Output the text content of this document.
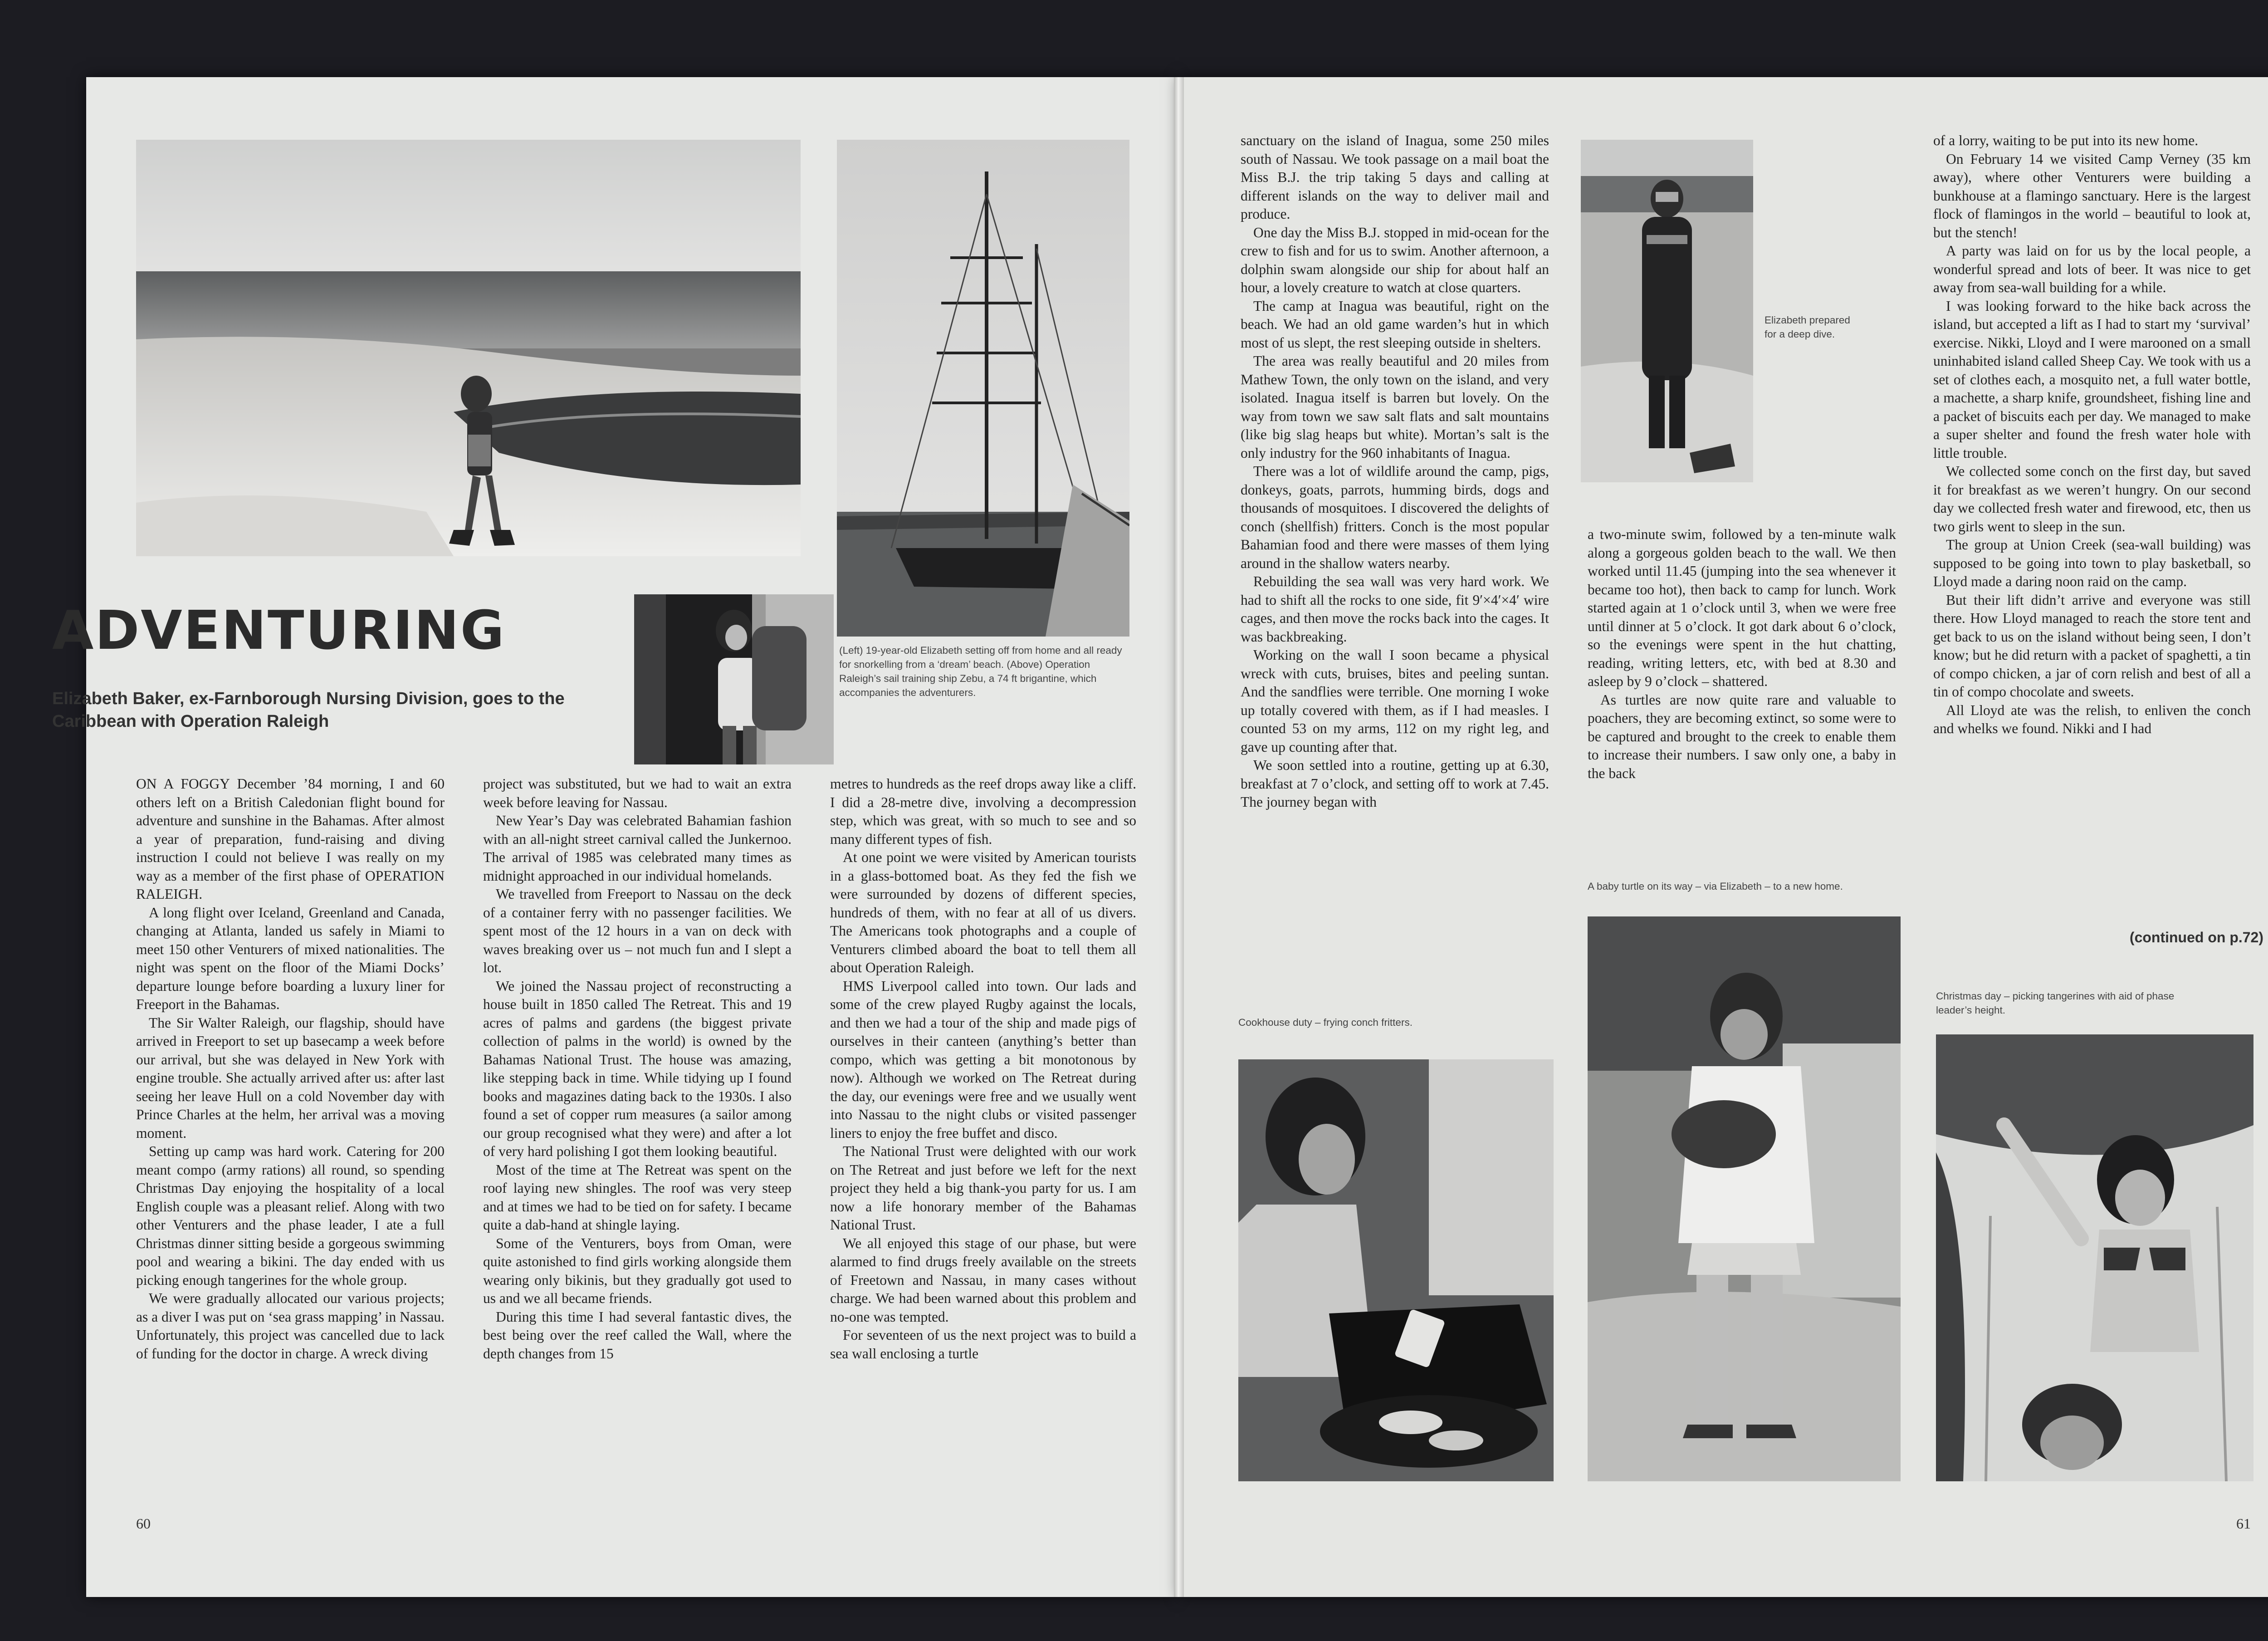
ADVENTURING
Elizabeth Baker, ex-Farnborough Nursing Division, goes to the Caribbean with Operation Raleigh
(Left) 19-year-old Elizabeth setting off from home and all ready for snorkelling from a ‘dream’ beach. (Above) Operation Raleigh’s sail training ship Zebu, a 74 ft brigantine, which accompanies the adventurers.
Elizabeth prepared for a deep dive.
A baby turtle on its way – via Elizabeth – to a new home.
Cookhouse duty – frying conch fritters.
Christmas day – picking tangerines with aid of phase leader’s height.

ON A FOGGY December ’84 morning, I and 60 others left on a British Caledonian flight bound for adventure and sunshine in the Bahamas. After almost a year of preparation, fund-raising and diving instruction I could not believe I was really on my way as a member of the first phase of OPERATION RALEIGH.

A long flight over Iceland, Greenland and Canada, changing at Atlanta, landed us safely in Miami to meet 150 other Venturers of mixed nationalities. The night was spent on the floor of the Miami Docks’ departure lounge before boarding a luxury liner for Freeport in the Bahamas.

The Sir Walter Raleigh, our flagship, should have arrived in Freeport to set up basecamp a week before our arrival, but she was delayed in New York with engine trouble. She actually arrived after us: after last seeing her leave Hull on a cold November day with Prince Charles at the helm, her arrival was a moving moment.

Setting up camp was hard work. Catering for 200 meant compo (army rations) all round, so spending Christmas Day enjoying the hospitality of a local English couple was a pleasant relief. Along with two other Venturers and the phase leader, I ate a full Christmas dinner sitting beside a gorgeous swimming pool and wearing a bikini. The day ended with us picking enough tangerines for the whole group.

We were gradually allocated our various projects; as a diver I was put on ‘sea grass mapping’ in Nassau. Unfortunately, this project was cancelled due to lack of funding for the doctor in charge. A wreck diving

project was substituted, but we had to wait an extra week before leaving for Nassau.

New Year’s Day was celebrated Bahamian fashion with an all-night street carnival called the Junkernoo. The arrival of 1985 was celebrated many times as midnight approached in our individual homelands.

We travelled from Freeport to Nassau on the deck of a container ferry with no passenger facilities. We spent most of the 12 hours in a van on deck with waves breaking over us – not much fun and I slept a lot.

We joined the Nassau project of reconstructing a house built in 1850 called The Retreat. This and 19 acres of palms and gardens (the biggest private collection of palms in the world) is owned by the Bahamas National Trust. The house was amazing, like stepping back in time. While tidying up I found books and magazines dating back to the 1930s. I also found a set of copper rum measures (a sailor among our group recognised what they were) and after a lot of very hard polishing I got them looking beautiful.

Most of the time at The Retreat was spent on the roof laying new shingles. The roof was very steep and at times we had to be tied on for safety. I became quite a dab-hand at shingle laying.

Some of the Venturers, boys from Oman, were quite astonished to find girls working alongside them wearing only bikinis, but they gradually got used to us and we all became friends.

During this time I had several fantastic dives, the best being over the reef called the Wall, where the depth changes from 15

metres to hundreds as the reef drops away like a cliff. I did a 28-metre dive, involving a decompression step, which was great, with so much to see and so many different types of fish.

At one point we were visited by American tourists in a glass-bottomed boat. As they fed the fish we were surrounded by dozens of different species, hundreds of them, with no fear at all of us divers. The Americans took photographs and a couple of Venturers climbed aboard the boat to tell them all about Operation Raleigh.

HMS Liverpool called into town. Our lads and some of the crew played Rugby against the locals, and then we had a tour of the ship and made pigs of ourselves in their canteen (anything’s better than compo, which was getting a bit monotonous by now). Although we worked on The Retreat during the day, our evenings were free and we usually went into Nassau to the night clubs or visited passenger liners to enjoy the free buffet and disco.

The National Trust were delighted with our work on The Retreat and just before we left for the next project they held a big thank-you party for us. I am now a life honorary member of the Bahamas National Trust.

We all enjoyed this stage of our phase, but were alarmed to find drugs freely available on the streets of Freetown and Nassau, in many cases without charge. We had been warned about this problem and no-one was tempted.

For seventeen of us the next project was to build a sea wall enclosing a turtle

sanctuary on the island of Inagua, some 250 miles south of Nassau. We took passage on a mail boat the Miss B.J. the trip taking 5 days and calling at different islands on the way to deliver mail and produce.

One day the Miss B.J. stopped in mid-ocean for the crew to fish and for us to swim. Another afternoon, a dolphin swam alongside our ship for about half an hour, a lovely creature to watch at close quarters.

The camp at Inagua was beautiful, right on the beach. We had an old game warden’s hut in which most of us slept, the rest sleeping outside in shelters.

The area was really beautiful and 20 miles from Mathew Town, the only town on the island, and very isolated. Inagua itself is barren but lovely. On the way from town we saw salt flats and salt mountains (like big slag heaps but white). Mortan’s salt is the only industry for the 960 inhabitants of Inagua.

There was a lot of wildlife around the camp, pigs, donkeys, goats, parrots, humming birds, dogs and thousands of mosquitoes. I discovered the delights of conch (shellfish) fritters. Conch is the most popular Bahamian food and there were masses of them lying around in the shallow waters nearby.

Rebuilding the sea wall was very hard work. We had to shift all the rocks to one side, fit 9′×4′×4′ wire cages, and then move the rocks back into the cages. It was backbreaking.

Working on the wall I soon became a physical wreck with cuts, bruises, bites and peeling suntan. And the sandflies were terrible. One morning I woke up totally covered with them, as if I had measles. I counted 53 on my arms, 112 on my right leg, and gave up counting after that.

We soon settled into a routine, getting up at 6.30, breakfast at 7 o’clock, and setting off to work at 7.45. The journey began with

a two-minute swim, followed by a ten-minute walk along a gorgeous golden beach to the wall. We then worked until 11.45 (jumping into the sea whenever it became too hot), then back to camp for lunch. Work started again at 1 o’clock until 3, when we were free until dinner at 5 o’clock. It got dark about 6 o’clock, so the evenings were spent in the hut chatting, reading, writing letters, etc, with bed at 8.30 and asleep by 9 o’clock – shattered.

As turtles are now quite rare and valuable to poachers, they are becoming extinct, so some were to be captured and brought to the creek to enable them to increase their numbers. I saw only one, a baby in the back

of a lorry, waiting to be put into its new home.

On February 14 we visited Camp Verney (35 km away), where other Venturers were building a bunkhouse at a flamingo sanctuary. Here is the largest flock of flamingos in the world – beautiful to look at, but the stench!

A party was laid on for us by the local people, a wonderful spread and lots of beer. It was nice to get away from sea-wall building for a while.

I was looking forward to the hike back across the island, but accepted a lift as I had to start my ‘survival’ exercise. Nikki, Lloyd and I were marooned on a small uninhabited island called Sheep Cay. We took with us a set of clothes each, a mosquito net, a full water bottle, a machette, a sharp knife, groundsheet, fishing line and a packet of biscuits each per day. We managed to make a super shelter and found the fresh water hole with little trouble.

We collected some conch on the first day, but saved it for breakfast as we weren’t hungry. On our second day we collected fresh water and firewood, etc, then us two girls went to sleep in the sun.

The group at Union Creek (sea-wall building) was supposed to be going into town to play basketball, so Lloyd made a daring noon raid on the camp.

But their lift didn’t arrive and everyone was still there. How Lloyd managed to reach the store tent and get back to us on the island without being seen, I don’t know; but he did return with a packet of spaghetti, a tin of compo chicken, a jar of corn relish and best of all a tin of compo chocolate and sweets.

All Lloyd ate was the relish, to enliven the conch and whelks we found. Nikki and I had

(continued on p.72)
60	61
